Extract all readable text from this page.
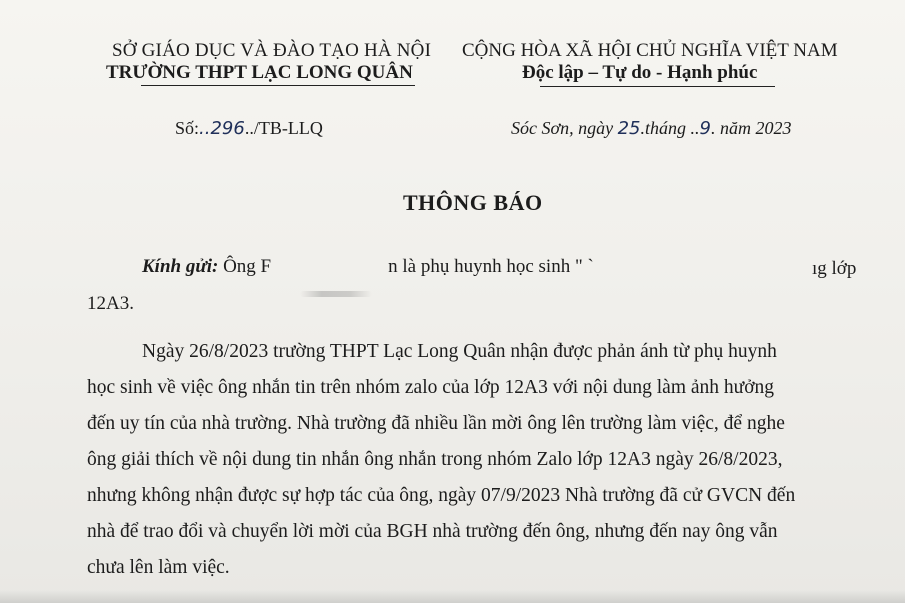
SỞ GIÁO DỤC VÀ ĐÀO TẠO HÀ NỘI
TRƯỜNG THPT LẠC LONG QUÂN
CỘNG HÒA XÃ HỘI CHỦ NGHĨA VIỆT NAM
Độc lập – Tự do - Hạnh phúc
Số:..296../TB-LLQ	Sóc Sơn, ngày 25.tháng ..9. năm 2023
THÔNG BÁO
Kính gửi: Ông F	n là phụ huynh học sinh " `	ıg lớp
12A3.
Ngày 26/8/2023 trường THPT Lạc Long Quân nhận được phản ánh từ phụ huynh
học sinh về việc ông nhắn tin trên nhóm zalo của lớp 12A3 với nội dung làm ảnh hưởng
đến uy tín của nhà trường. Nhà trường đã nhiều lần mời ông lên trường làm việc, để nghe
ông giải thích về nội dung tin nhắn ông nhắn trong nhóm Zalo lớp 12A3 ngày 26/8/2023,
nhưng không nhận được sự hợp tác của ông, ngày 07/9/2023 Nhà trường đã cử GVCN đến
nhà để trao đổi và chuyển lời mời của BGH nhà trường đến ông, nhưng đến nay ông vẫn
chưa lên làm việc.
